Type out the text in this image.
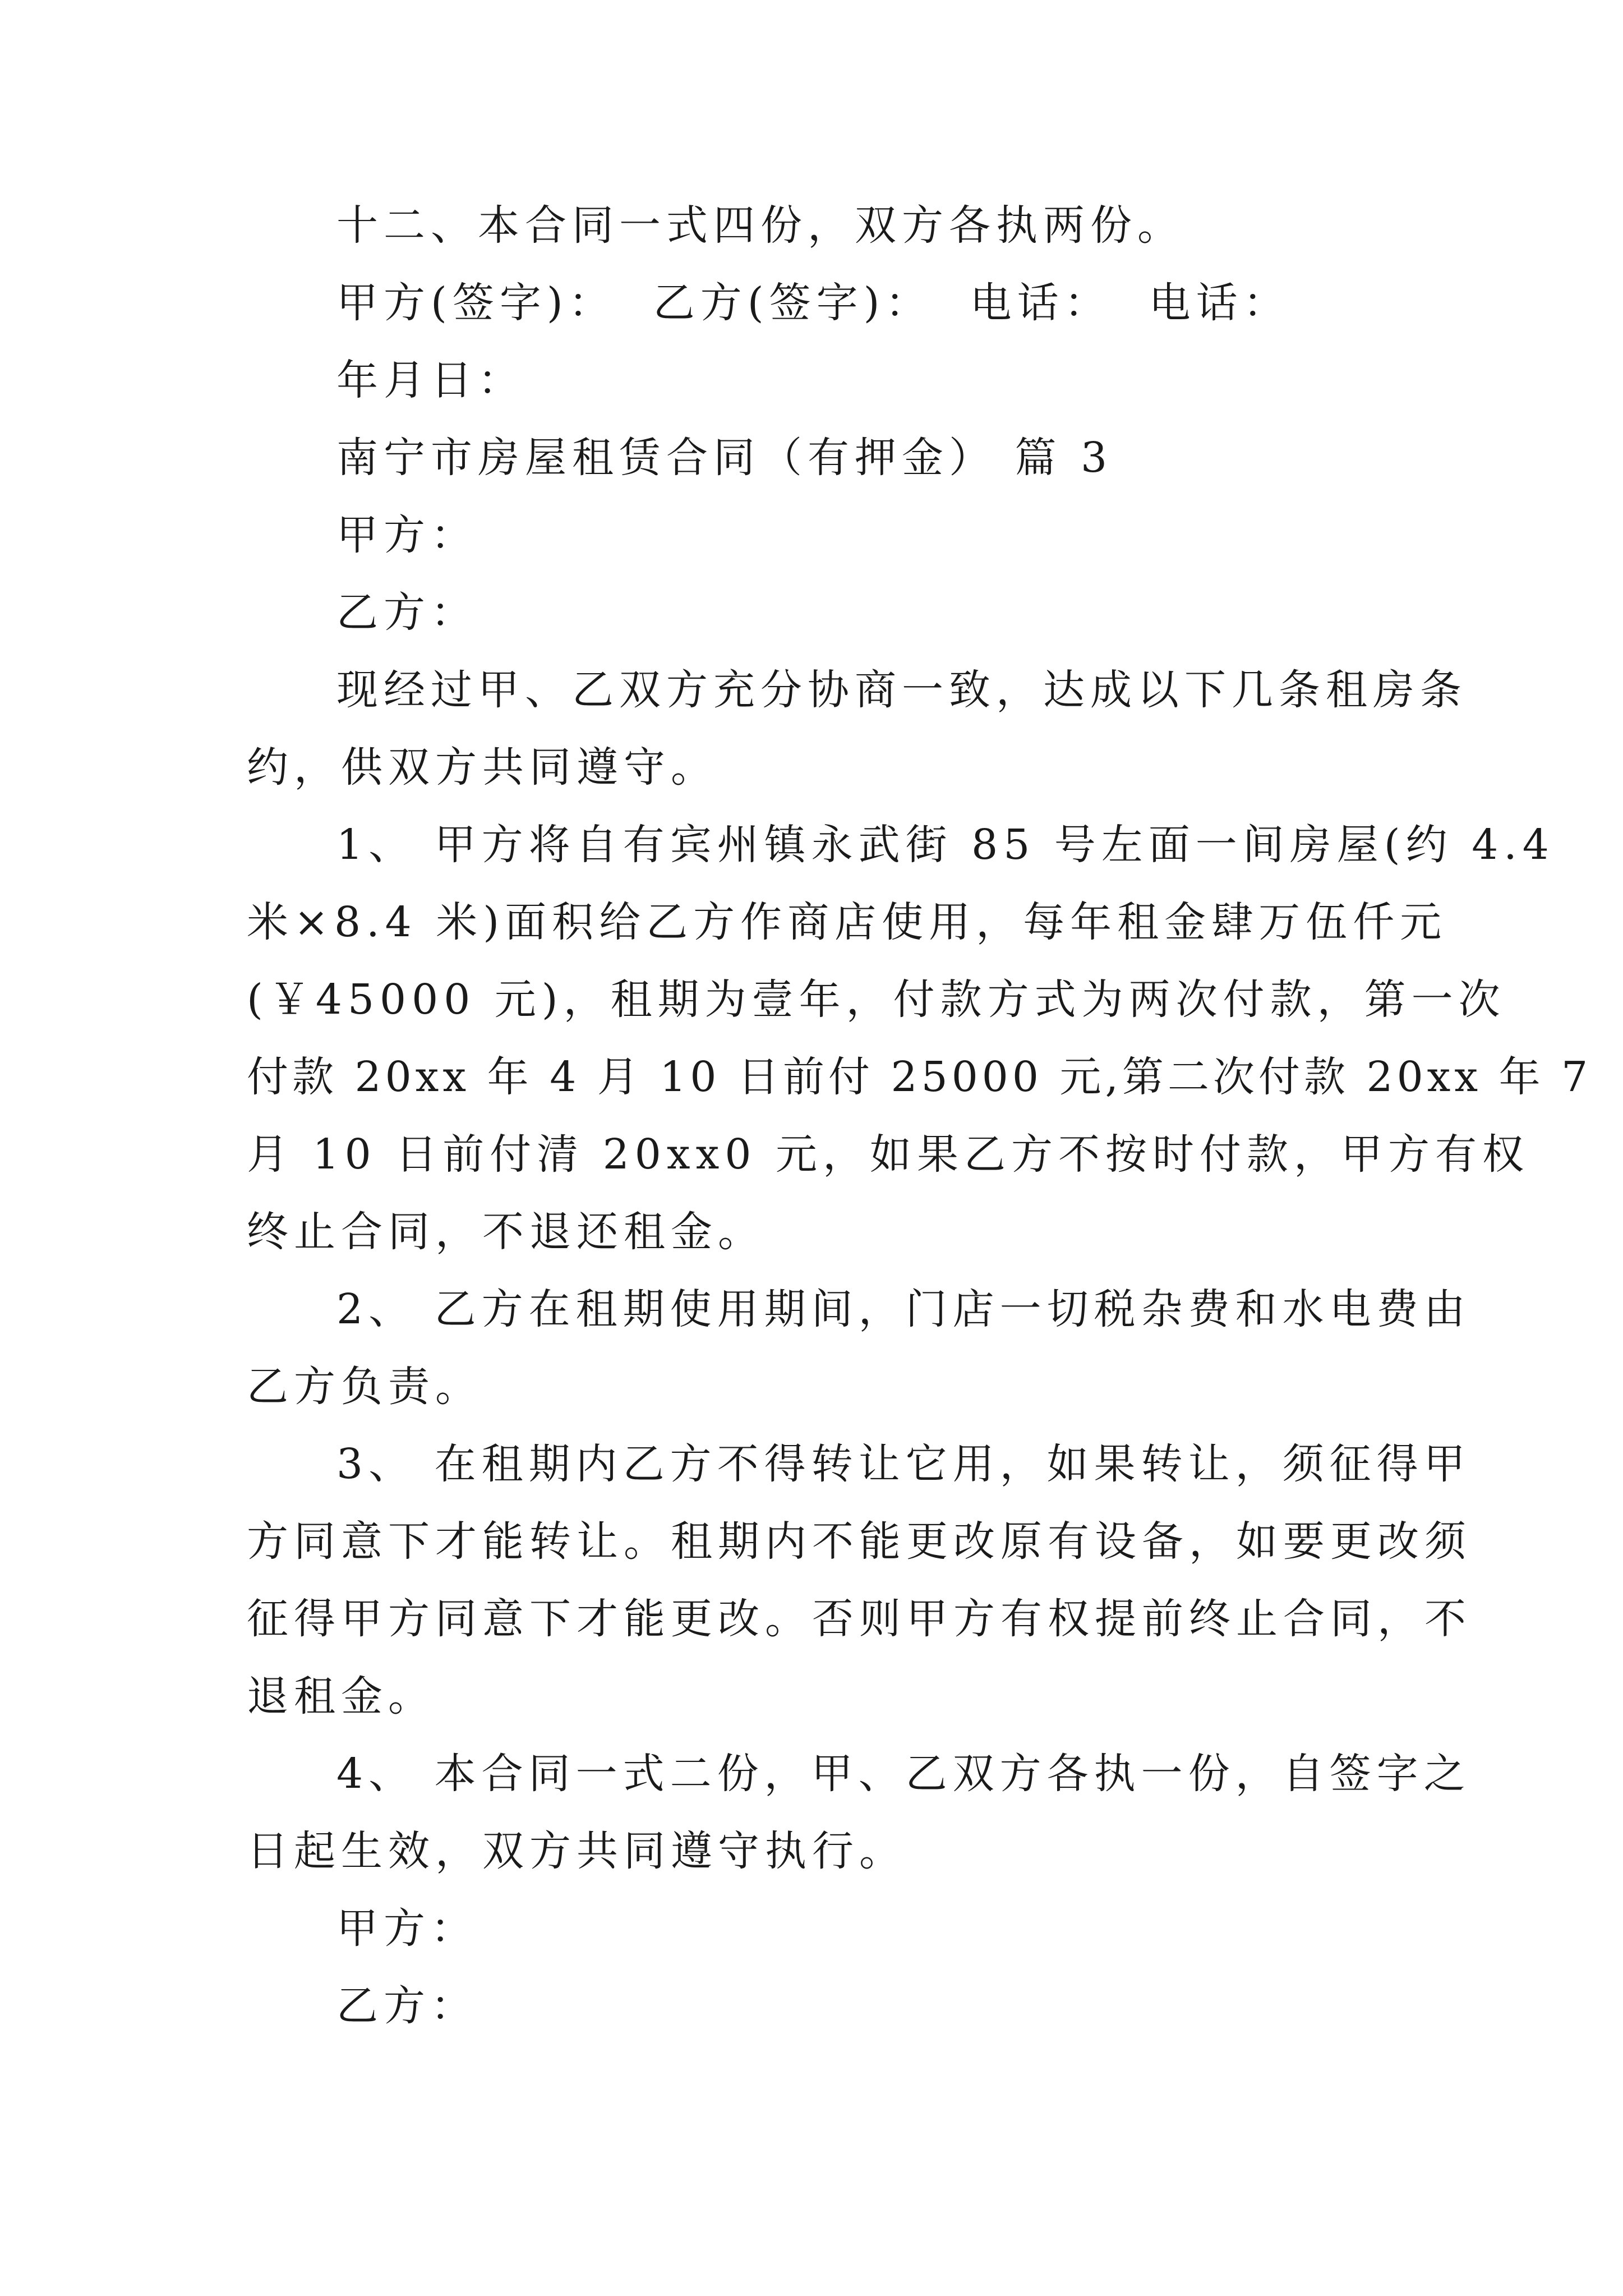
十二、本合同一式四份，双方各执两份。
甲方(签字)：  乙方(签字)：  电话：  电话：
年月日：
南宁市房屋租赁合同（有押金） 篇 3
甲方：
乙方：
现经过甲、乙双方充分协商一致，达成以下几条租房条
约，供双方共同遵守。
1、 甲方将自有宾州镇永武街 85 号左面一间房屋(约 4.4
米×8.4 米)面积给乙方作商店使用，每年租金肆万伍仟元
(￥45000 元)，租期为壹年，付款方式为两次付款，第一次
付款 20xx 年 4 月 10 日前付 25000 元,第二次付款 20xx 年 7
月 10 日前付清 20xx0 元，如果乙方不按时付款，甲方有权
终止合同，不退还租金。
2、 乙方在租期使用期间，门店一切税杂费和水电费由
乙方负责。
3、 在租期内乙方不得转让它用，如果转让，须征得甲
方同意下才能转让。租期内不能更改原有设备，如要更改须
征得甲方同意下才能更改。否则甲方有权提前终止合同，不
退租金。
4、 本合同一式二份，甲、乙双方各执一份，自签字之
日起生效，双方共同遵守执行。
甲方：
乙方：
